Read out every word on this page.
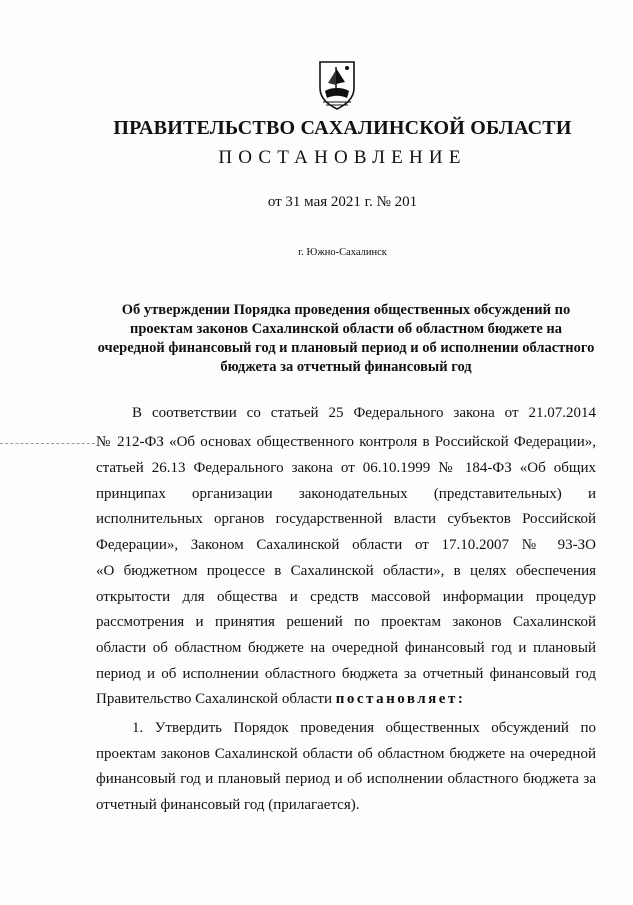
ПРАВИТЕЛЬСТВО САХАЛИНСКОЙ ОБЛАСТИ
ПОСТАНОВЛЕНИЕ
от 31 мая 2021 г. № 201
г. Южно-Сахалинск
Об утверждении Порядка проведения общественных обсуждений по проектам законов Сахалинской области об областном бюджете на очередной финансовый год и плановый период и об исполнении областного бюджета за отчетный финансовый год
В соответствии со статьей 25 Федерального закона от 21.07.2014
№ 212-ФЗ «Об основах общественного контроля в Российской Федерации»,
статьей 26.13 Федерального закона от 06.10.1999 № 184-ФЗ «Об общих
принципах организации законодательных (представительных) и
исполнительных органов государственной власти субъектов Российской
Федерации», Законом Сахалинской области от 17.10.2007 № 93-ЗО
«О бюджетном процессе в Сахалинской области», в целях обеспечения
открытости для общества и средств массовой информации процедур
рассмотрения и принятия решений по проектам законов Сахалинской
области об областном бюджете на очередной финансовый год и плановый
период и об исполнении областного бюджета за отчетный финансовый год
Правительство Сахалинской области постановляет:
1. Утвердить Порядок проведения общественных обсуждений по
проектам законов Сахалинской области об областном бюджете на очередной
финансовый год и плановый период и об исполнении областного бюджета за
отчетный финансовый год (прилагается).
